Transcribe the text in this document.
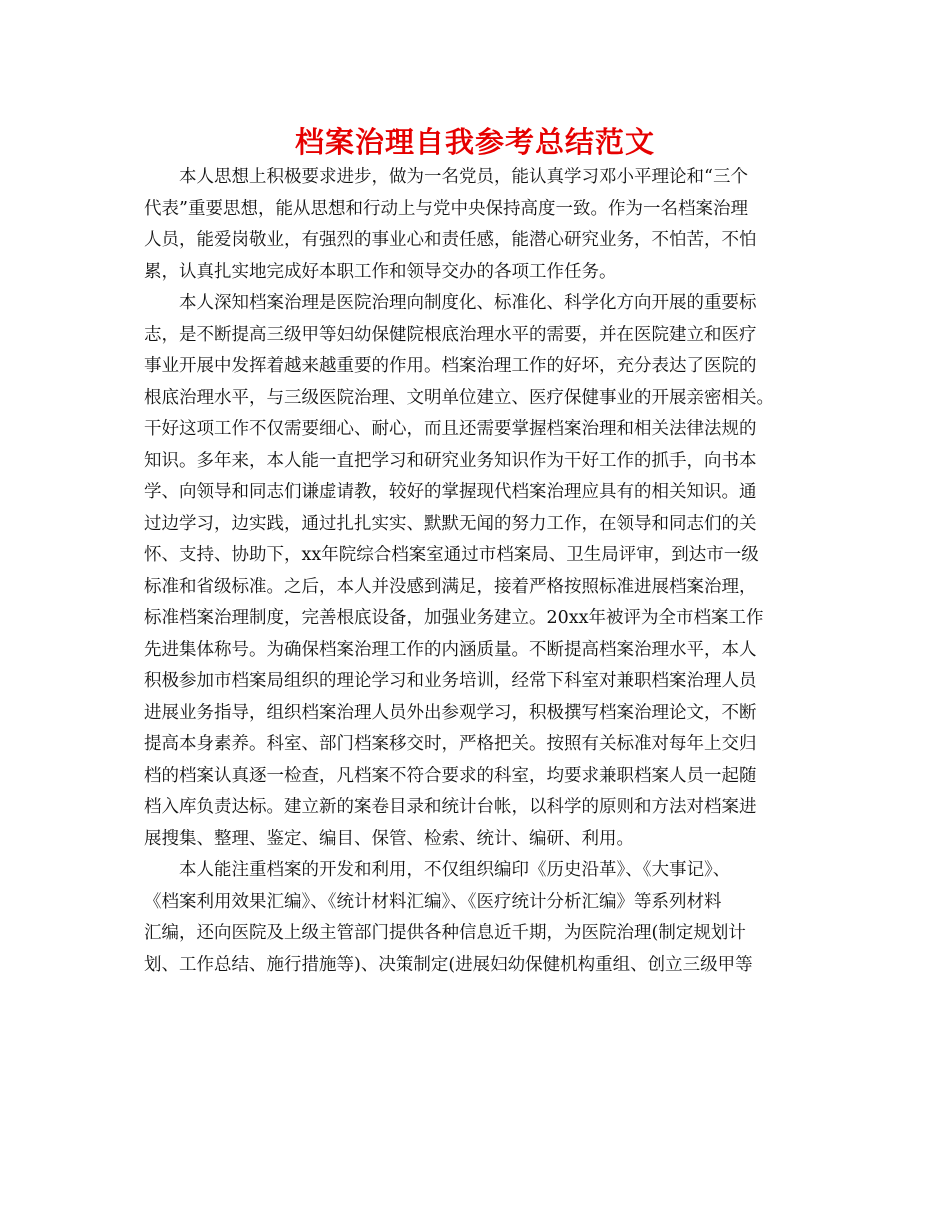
档案治理自我参考总结范文

本人思想上积极要求进步，做为一名党员，能认真学习邓小平理论和“三个

代表”重要思想，能从思想和行动上与党中央保持高度一致。作为一名档案治理

人员，能爱岗敬业，有强烈的事业心和责任感，能潜心研究业务，不怕苦，不怕

累，认真扎实地完成好本职工作和领导交办的各项工作任务。

本人深知档案治理是医院治理向制度化、标准化、科学化方向开展的重要标

志，是不断提高三级甲等妇幼保健院根底治理水平的需要，并在医院建立和医疗

事业开展中发挥着越来越重要的作用。档案治理工作的好坏，充分表达了医院的

根底治理水平，与三级医院治理、文明单位建立、医疗保健事业的开展亲密相关。

干好这项工作不仅需要细心、耐心，而且还需要掌握档案治理和相关法律法规的

知识。多年来，本人能一直把学习和研究业务知识作为干好工作的抓手，向书本

学、向领导和同志们谦虚请教，较好的掌握现代档案治理应具有的相关知识。通

过边学习，边实践，通过扎扎实实、默默无闻的努力工作，在领导和同志们的关

怀、支持、协助下，xx年院综合档案室通过市档案局、卫生局评审，到达市一级

标准和省级标准。之后，本人并没感到满足，接着严格按照标准进展档案治理，

标准档案治理制度，完善根底设备，加强业务建立。20xx年被评为全市档案工作

先进集体称号。为确保档案治理工作的内涵质量。不断提高档案治理水平，本人

积极参加市档案局组织的理论学习和业务培训，经常下科室对兼职档案治理人员

进展业务指导，组织档案治理人员外出参观学习，积极撰写档案治理论文，不断

提高本身素养。科室、部门档案移交时，严格把关。按照有关标准对每年上交归

档的档案认真逐一检查，凡档案不符合要求的科室，均要求兼职档案人员一起随

档入库负责达标。建立新的案卷目录和统计台帐，以科学的原则和方法对档案进

展搜集、整理、鉴定、编目、保管、检索、统计、编研、利用。

本人能注重档案的开发和利用，不仅组织编印《历史沿革》、《大事记》、

《档案利用效果汇编》、《统计材料汇编》、《医疗统计分析汇编》等系列材料

汇编，还向医院及上级主管部门提供各种信息近千期，为医院治理(制定规划计

划、工作总结、施行措施等)、决策制定(进展妇幼保健机构重组、创立三级甲等
